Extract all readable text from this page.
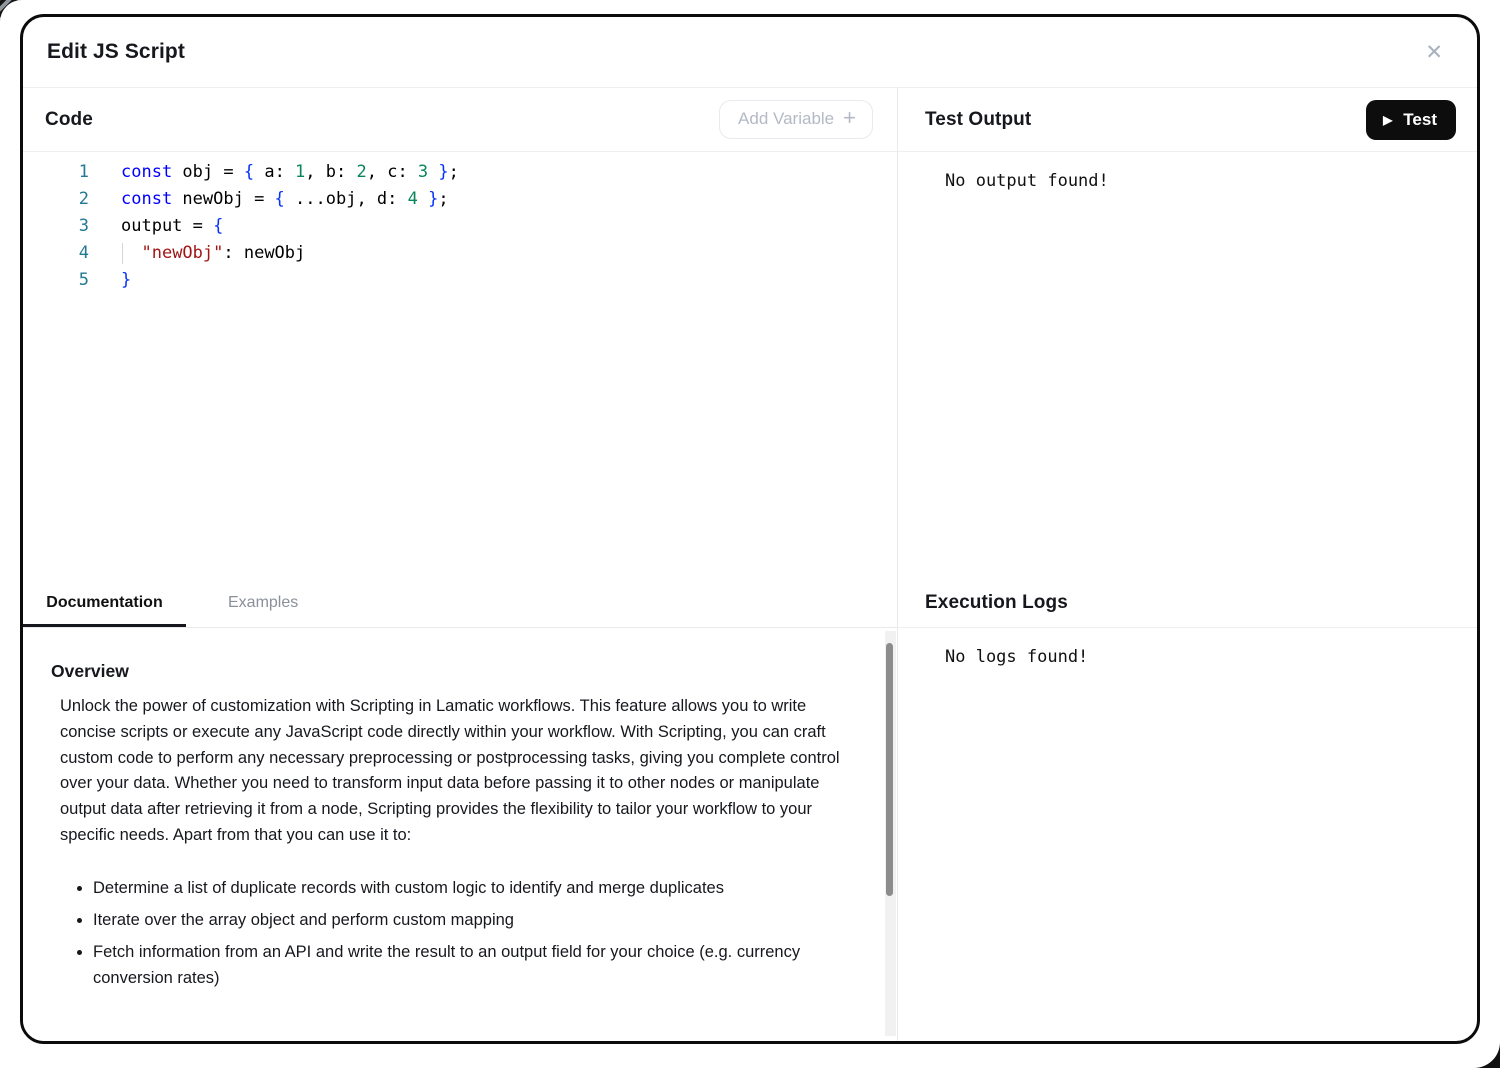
Edit JS Script	✕
Code	Add Variable +
1 const obj = { a: 1, b: 2, c: 3 };
2 const newObj = { ...obj, d: 4 };
3 output = {
4	"newObj": newObj
5 }
Documentation	Examples
Overview

Unlock the power of customization with Scripting in Lamatic workflows. This feature allows you to write concise scripts or execute any JavaScript code directly within your workflow. With Scripting, you can craft custom code to perform any necessary preprocessing or postprocessing tasks, giving you complete control over your data. Whether you need to transform input data before passing it to other nodes or manipulate output data after retrieving it from a node, Scripting provides the flexibility to tailor your workflow to your specific needs. Apart from that you can use it to:

• Determine a list of duplicate records with custom logic to identify and merge duplicates
• Iterate over the array object and perform custom mapping
• Fetch information from an API and write the result to an output field for your choice (e.g. currency conversion rates)
Test Output	▶ Test
No output found!
Execution Logs
No logs found!
